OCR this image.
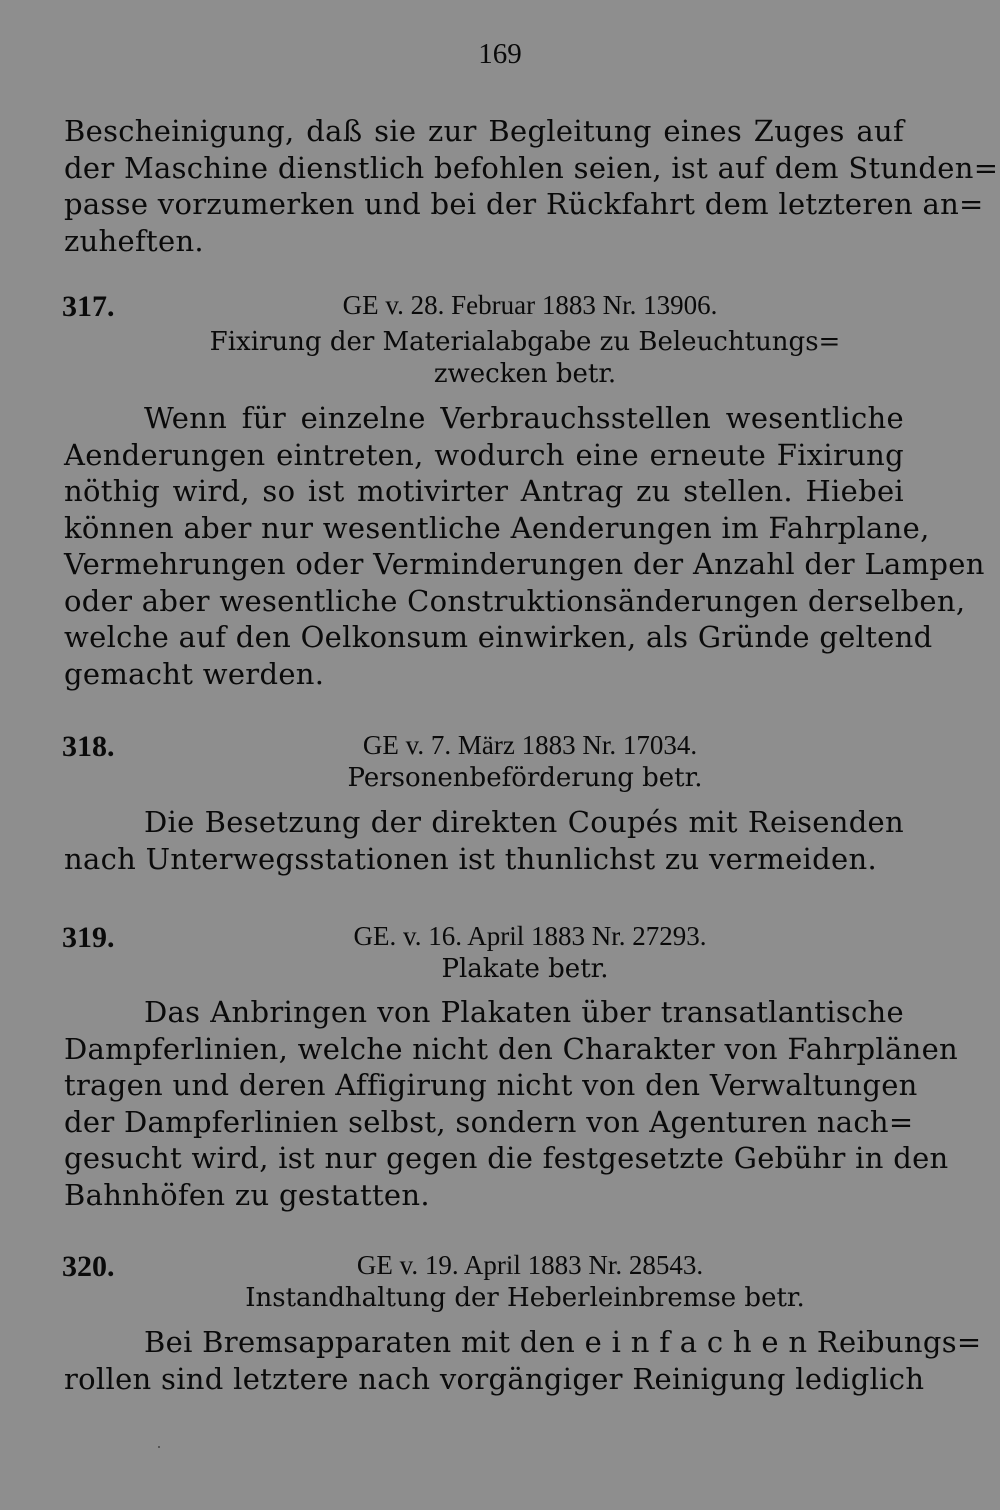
169
Bescheinigung, daß sie zur Begleitung eines Zuges auf
der Maschine dienstlich befohlen seien, ist auf dem Stunden=
passe vorzumerken und bei der Rückfahrt dem letzteren an=
zuheften.
317.	GE v. 28. Februar 1883 Nr. 13906.
Fixirung der Materialabgabe zu Beleuchtungs=
zwecken betr.
Wenn für einzelne Verbrauchsstellen wesentliche
Aenderungen eintreten, wodurch eine erneute Fixirung
nöthig wird, so ist motivirter Antrag zu stellen. Hiebei
können aber nur wesentliche Aenderungen im Fahrplane,
Vermehrungen oder Verminderungen der Anzahl der Lampen
oder aber wesentliche Construktionsänderungen derselben,
welche auf den Oelkonsum einwirken, als Gründe geltend
gemacht werden.
318.	GE v. 7. März 1883 Nr. 17034.
Personenbeförderung betr.
Die Besetzung der direkten Coupés mit Reisenden
nach Unterwegsstationen ist thunlichst zu vermeiden.
319.	GE. v. 16. April 1883 Nr. 27293.
Plakate betr.
Das Anbringen von Plakaten über transatlantische
Dampferlinien, welche nicht den Charakter von Fahrplänen
tragen und deren Affigirung nicht von den Verwaltungen
der Dampferlinien selbst, sondern von Agenturen nach=
gesucht wird, ist nur gegen die festgesetzte Gebühr in den
Bahnhöfen zu gestatten.
320.	GE v. 19. April 1883 Nr. 28543.
Instandhaltung der Heberleinbremse betr.
Bei Bremsapparaten mit den e i n f a c h e n Reibungs=
rollen sind letztere nach vorgängiger Reinigung lediglich
